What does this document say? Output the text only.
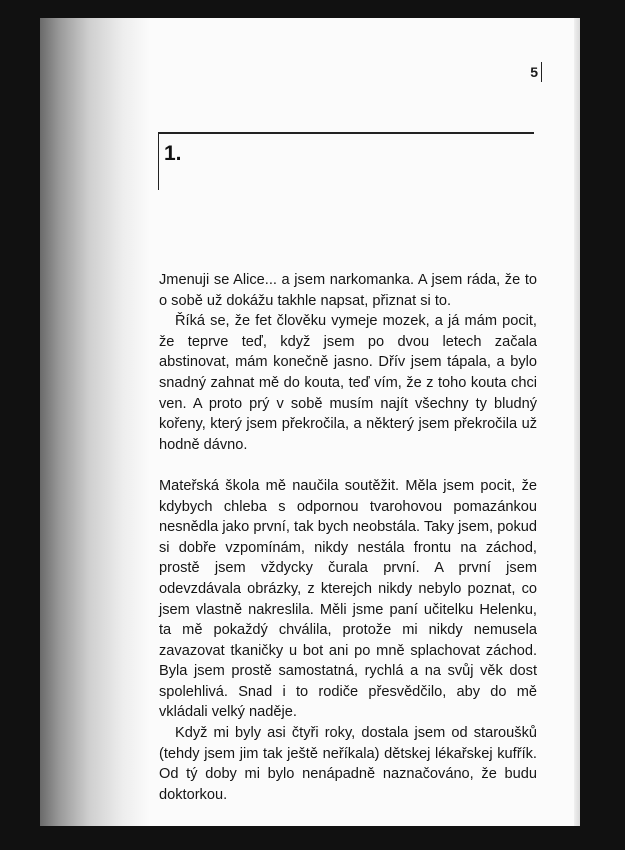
5
1.

Jmenuji se Alice... a jsem narkomanka. A jsem ráda, že to o sobě už dokážu takhle napsat, přiznat si to.

Říká se, že fet člověku vymeje mozek, a já mám pocit, že teprve teď, když jsem po dvou letech začala abstinovat, mám konečně jasno. Dřív jsem tápala, a bylo snadný zahnat mě do kouta, teď vím, že z toho kouta chci ven. A proto prý v sobě musím najít všechny ty bludný kořeny, který jsem překročila, a některý jsem překročila už hodně dávno.

Mateřská škola mě naučila soutěžit. Měla jsem pocit, že kdybych chleba s odpornou tvarohovou pomazánkou nesnědla jako první, tak bych neobstála. Taky jsem, pokud si dobře vzpomínám, nikdy nestála frontu na záchod, prostě jsem vždycky čurala první. A první jsem odevzdávala obrázky, z kterejch nikdy nebylo poznat, co jsem vlastně nakreslila. Měli jsme paní učitelku Helenku, ta mě pokaždý chválila, protože mi nikdy nemusela zavazovat tkaničky u bot ani po mně splachovat záchod. Byla jsem prostě samostatná, rychlá a na svůj věk dost spolehlivá. Snad i to rodiče přesvědčilo, aby do mě vkládali velký naděje.

Když mi byly asi čtyři roky, dostala jsem od staroušků (tehdy jsem jim tak ještě neříkala) dětskej lékařskej kufřík. Od tý doby mi bylo nenápadně naznačováno, že budu doktorkou.
